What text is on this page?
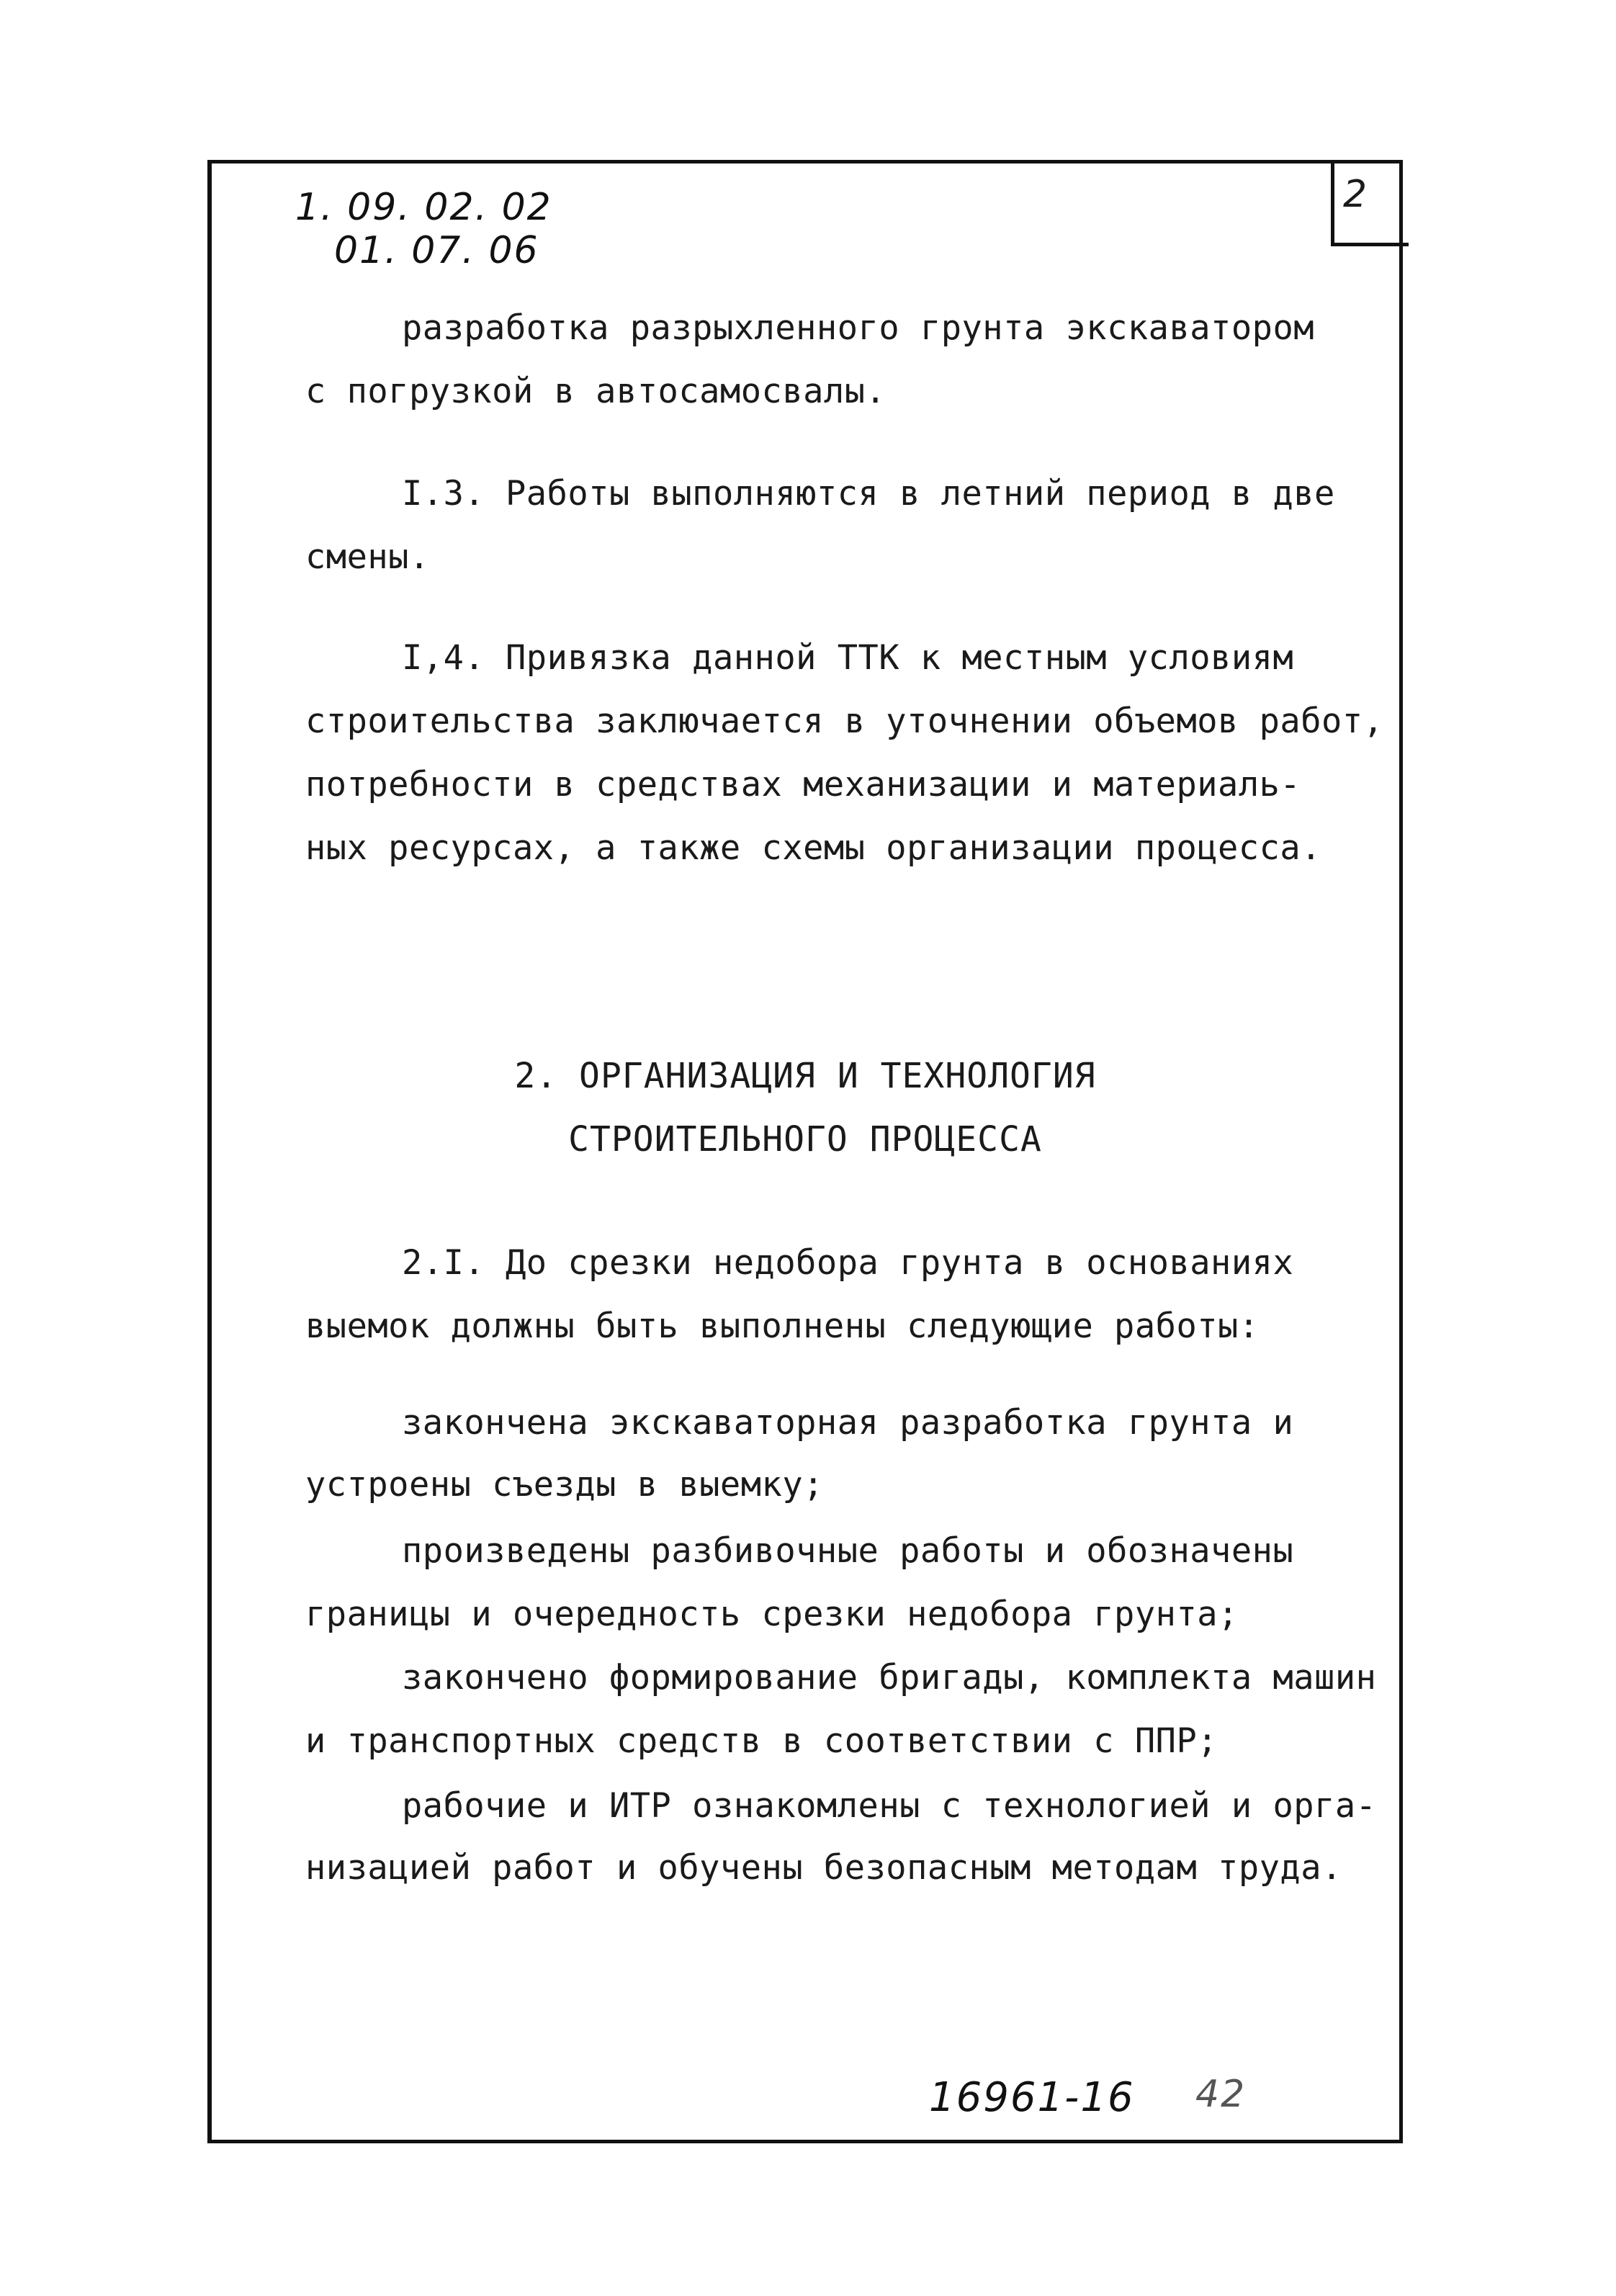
2
1. 09. 02. 02
01. 07. 06
разработка разрыхленного грунта экскаватором
с погрузкой в автосамосвалы.
I.3. Работы выполняются в летний период в две
смены.
I,4. Привязка данной ТТК к местным условиям
строительства заключается в уточнении объемов работ,
потребности в средствах механизации и материаль-
ных ресурсах, а также схемы организации процесса.
2. ОРГАНИЗАЦИЯ И ТЕХНОЛОГИЯ
СТРОИТЕЛЬНОГО ПРОЦЕССА
2.I. До срезки недобора грунта в основаниях
выемок должны быть выполнены следующие работы:
закончена экскаваторная разработка грунта и
устроены съезды в выемку;
произведены разбивочные работы и обозначены
границы и очередность срезки недобора грунта;
закончено формирование бригады, комплекта машин
и транспортных средств в соответствии с ППР;
рабочие и ИТР ознакомлены с технологией и орга-
низацией работ и обучены безопасным методам труда.
16961-16 42
